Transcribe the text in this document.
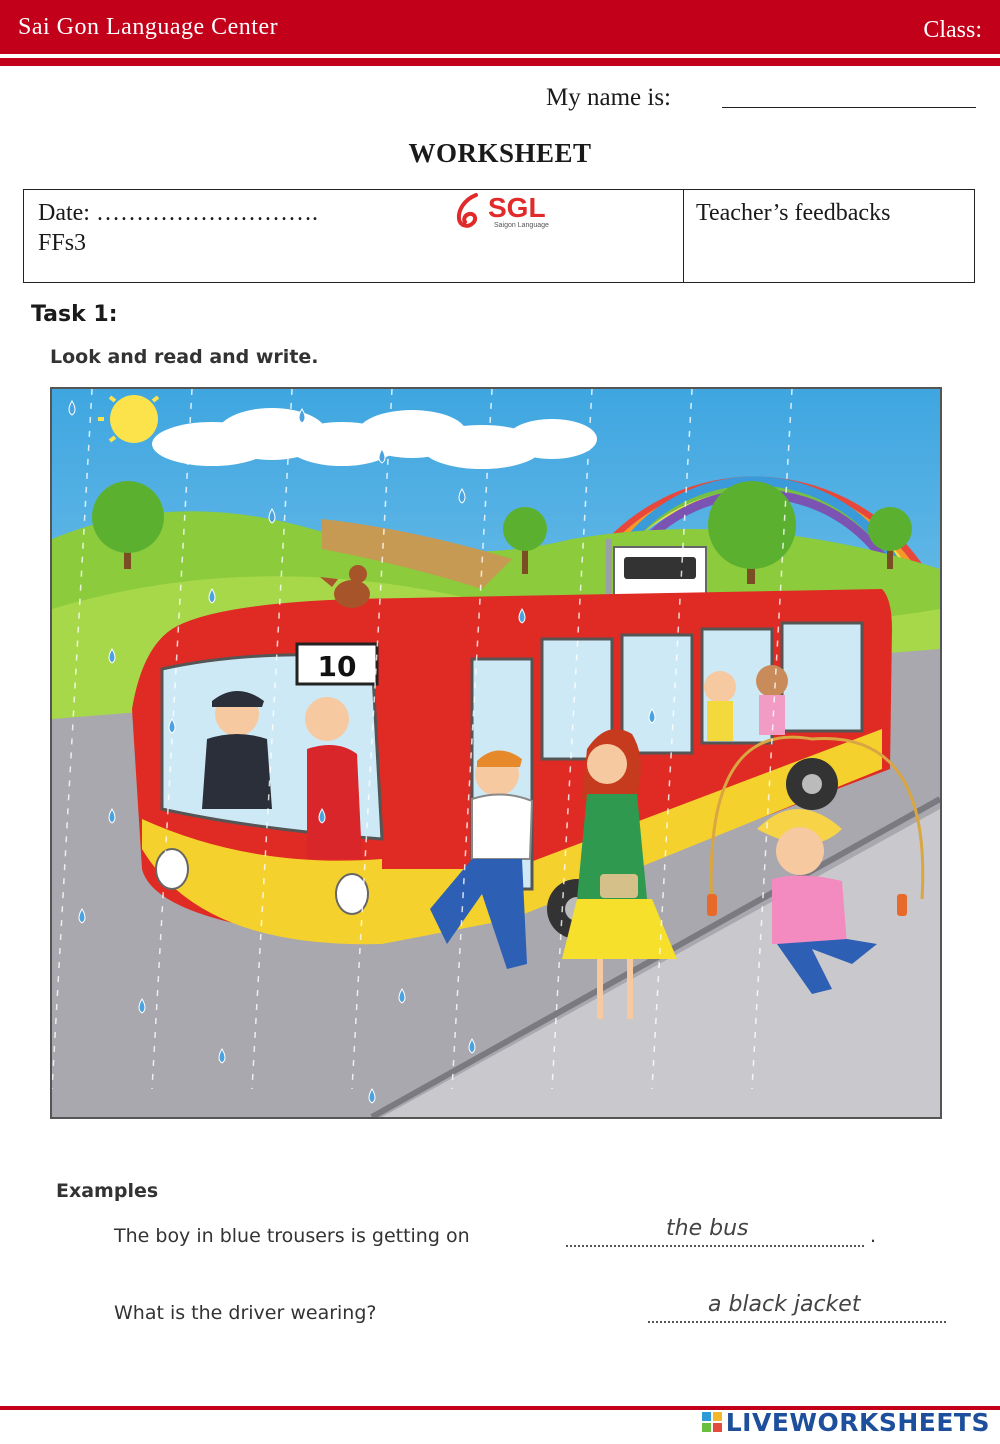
Sai Gon Language Center	Class:
My name is:
WORKSHEET
Date: ……………………….
FFs3
SGL
Saigon Language	Teacher’s feedbacks
Task 1:
Look and read and write.
10
Examples
The boy in blue trousers is getting on	the bus	.
What is the driver wearing?	a black jacket
LIVEWORKSHEETS
